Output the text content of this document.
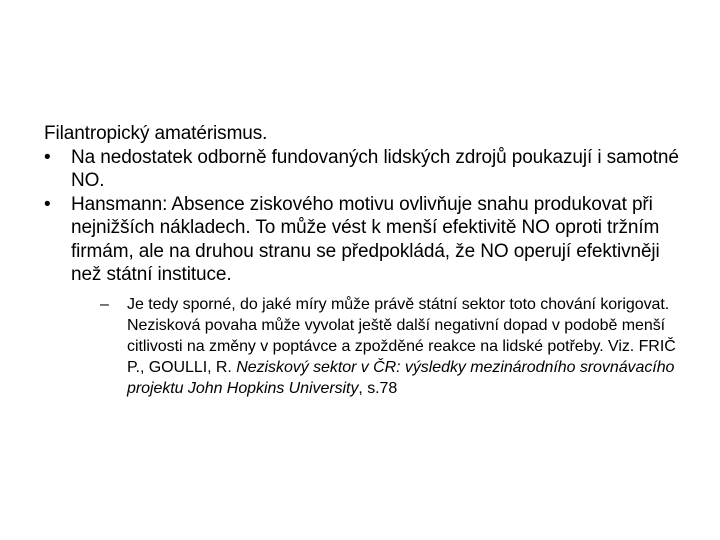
Filantropický amatérismus.

• Na nedostatek odborně fundovaných lidských zdrojů poukazují i samotné NO.
• Hansmann: Absence ziskového motivu ovlivňuje snahu produkovat při nejnižších nákladech. To může vést k menší efektivitě NO oproti tržním firmám, ale na druhou stranu se předpokládá, že NO operují efektivněji než státní instituce.
– Je tedy sporné, do jaké míry může právě státní sektor toto chování korigovat. Nezisková povaha může vyvolat ještě další negativní dopad v podobě menší citlivosti na změny v poptávce a zpožděné reakce na lidské potřeby. Viz. FRIČ P., GOULLI, R. Neziskový sektor v ČR: výsledky mezinárodního srovnávacího projektu John Hopkins University, s.78
